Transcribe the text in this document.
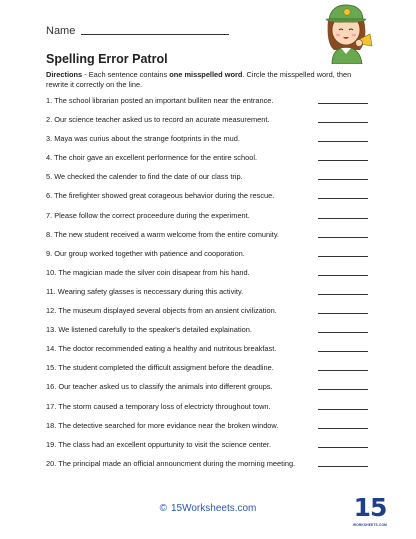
Name
Spelling Error Patrol
Directions - Each sentence contains one misspelled word. Circle the misspelled word, then rewrite it correctly on the line.
1. The school librarian posted an important bulliten near the entrance.
2. Our science teacher asked us to record an acurate measurement.
3. Maya was curius about the strange footprints in the mud.
4. The choir gave an excellent performence for the entire school.
5. We checked the calender to find the date of our class trip.
6. The firefighter showed great corageous behavior during the rescue.
7. Please follow the correct proceedure during the experiment.
8. The new student received a warm welcome from the entire comunity.
9. Our group worked together with patience and cooporation.
10. The magician made the silver coin disapear from his hand.
11. Wearing safety glasses is neccessary during this activity.
12. The museum displayed several objects from an ansient civilization.
13. We listened carefully to the speaker's detailed explaination.
14. The doctor recommended eating a healthy and nutritous breakfast.
15. The student completed the difficult assigment before the deadline.
16. Our teacher asked us to classify the animals into different groups.
17. The storm caused a temporary loss of electricty throughout town.
18. The detective searched for more evidance near the broken window.
19. The class had an excellent oppurtunity to visit the science center.
20. The principal made an official announcment during the morning meeting.
© 15Worksheets.com	15
WORKSHEETS.COM
